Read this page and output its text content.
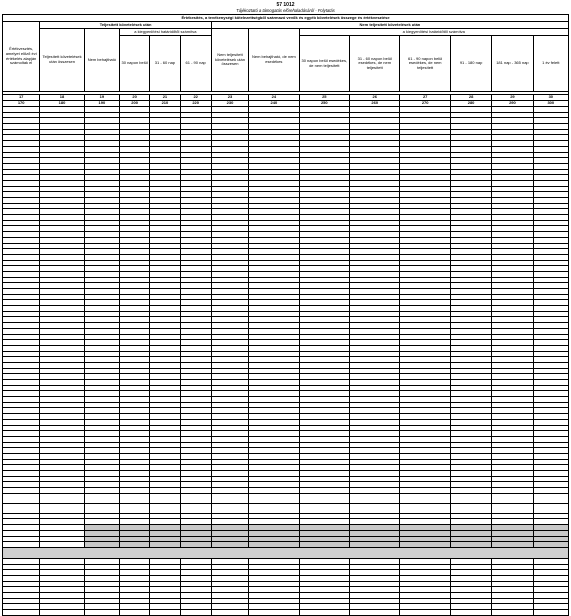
57 1012
Tájékoztató a támogatás előrehaladásáról - Folytatás
Értékesítés, a tevékenységi kötelezettségből származó vevők és egyéb követelések összege és értékvesztése													
Értékvesztés, amelyet előző évi értékelés alapján számoltak el	Teljesített követelések után					Nem teljesített követelések után							
	Teljesített követelések után összesen	Nem behajtható	a kiegyenlítési határidőtől számítva			Nem teljesített követelések után összesen	Nem behajtható, de nem esedékes	a kiegyenlítési határidőtől számítva					
			30 napon belül	31 - 60 nap	61 - 90 nap			30 napon belül esedékes, de nem teljesített	31 - 60 napon belül esedékes, de nem teljesített	61 - 90 napon belül esedékes, de nem teljesített	91 - 180 nap	181 nap - 365 nap	1 év felett

17	18	19	20	21	22	23	24	25	26	27	28	29	30
170	180	190	200	210	220	230	240	250	260	270	280	290	300
